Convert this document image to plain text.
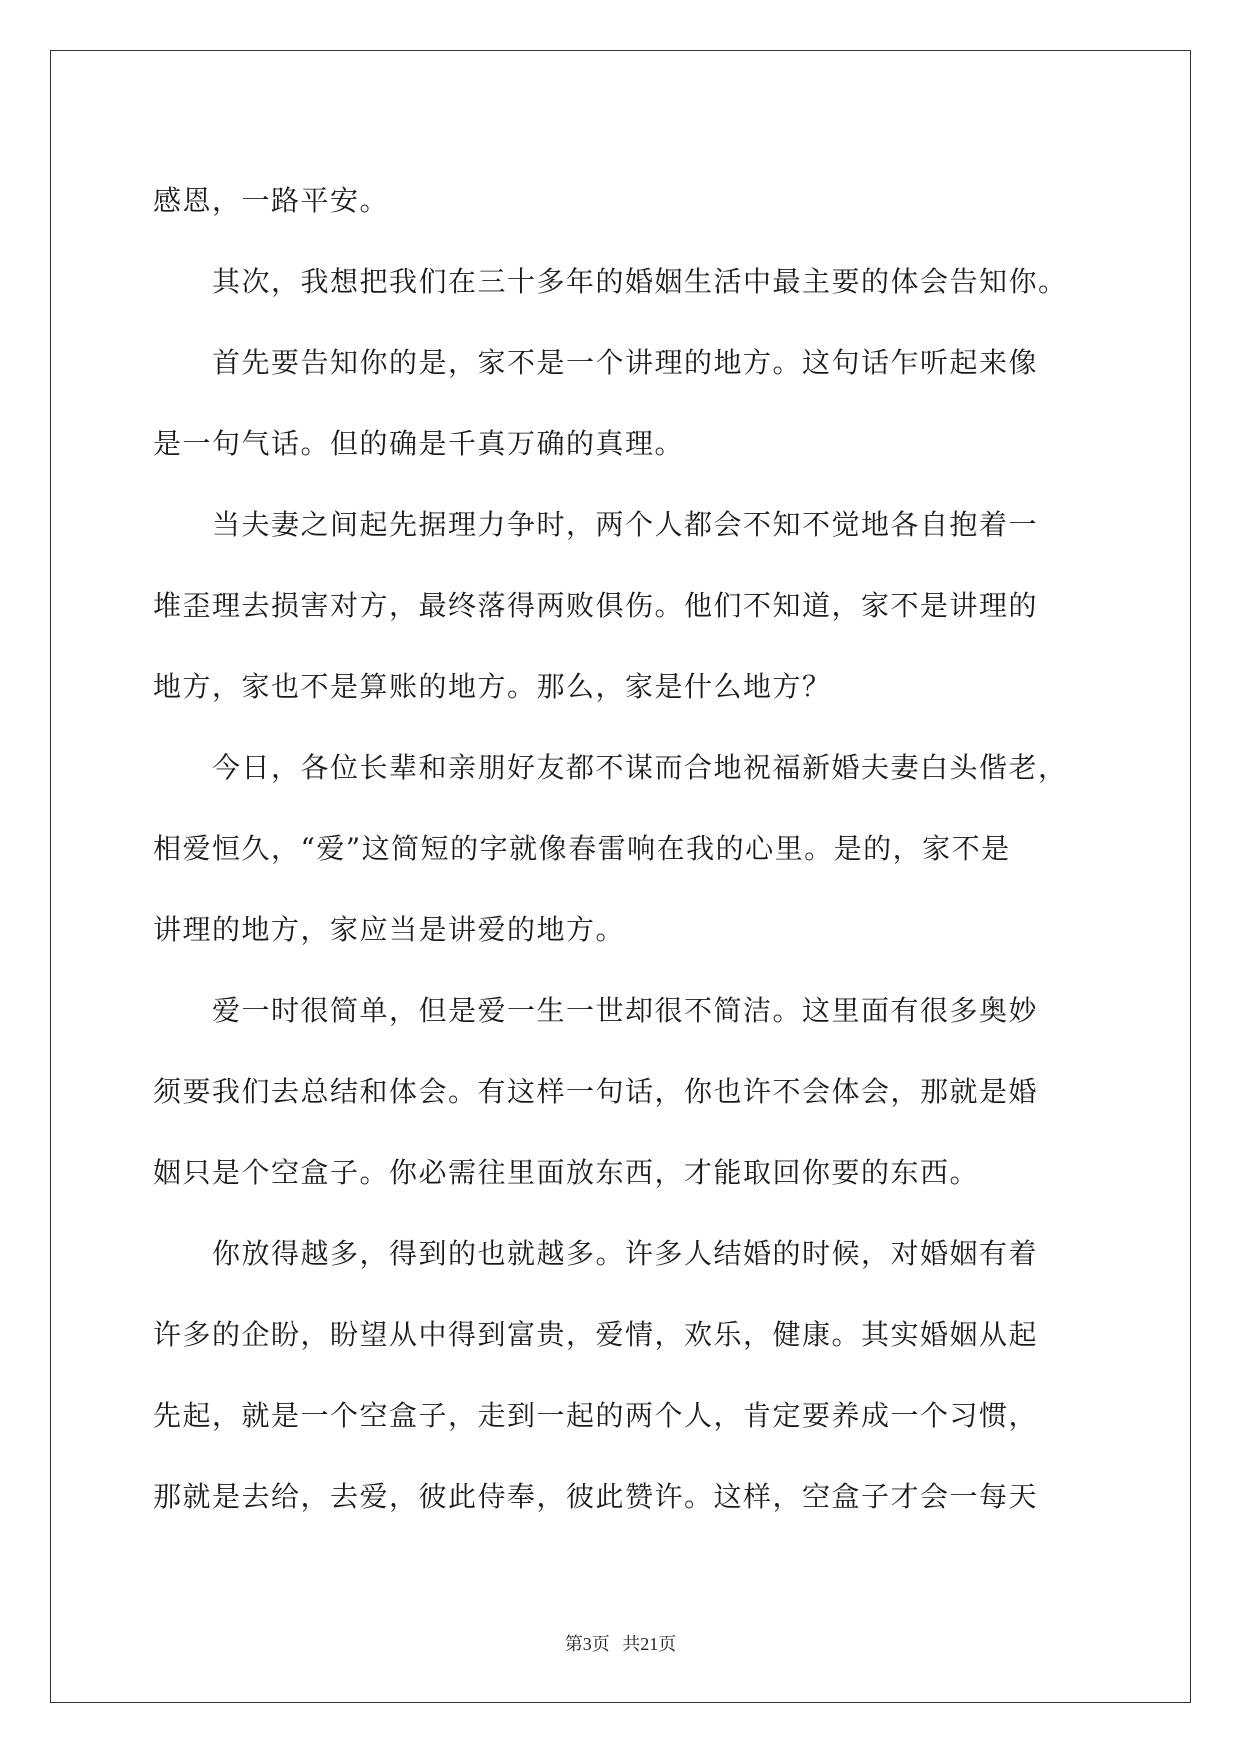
感恩，一路平安。
　　其次，我想把我们在三十多年的婚姻生活中最主要的体会告知你。
　　首先要告知你的是，家不是一个讲理的地方。这句话乍听起来像
是一句气话。但的确是千真万确的真理。
　　当夫妻之间起先据理力争时，两个人都会不知不觉地各自抱着一
堆歪理去损害对方，最终落得两败俱伤。他们不知道，家不是讲理的
地方，家也不是算账的地方。那么，家是什么地方？
　　今日，各位长辈和亲朋好友都不谋而合地祝福新婚夫妻白头偕老，
相爱恒久，“爱”这简短的字就像春雷响在我的心里。是的，家不是
讲理的地方，家应当是讲爱的地方。
　　爱一时很简单，但是爱一生一世却很不简洁。这里面有很多奥妙
须要我们去总结和体会。有这样一句话，你也许不会体会，那就是婚
姻只是个空盒子。你必需往里面放东西，才能取回你要的东西。
　　你放得越多，得到的也就越多。许多人结婚的时候，对婚姻有着
许多的企盼，盼望从中得到富贵，爱情，欢乐，健康。其实婚姻从起
先起，就是一个空盒子，走到一起的两个人，肯定要养成一个习惯，
那就是去给，去爱，彼此侍奉，彼此赞许。这样，空盒子才会一每天
第3页 共21页
